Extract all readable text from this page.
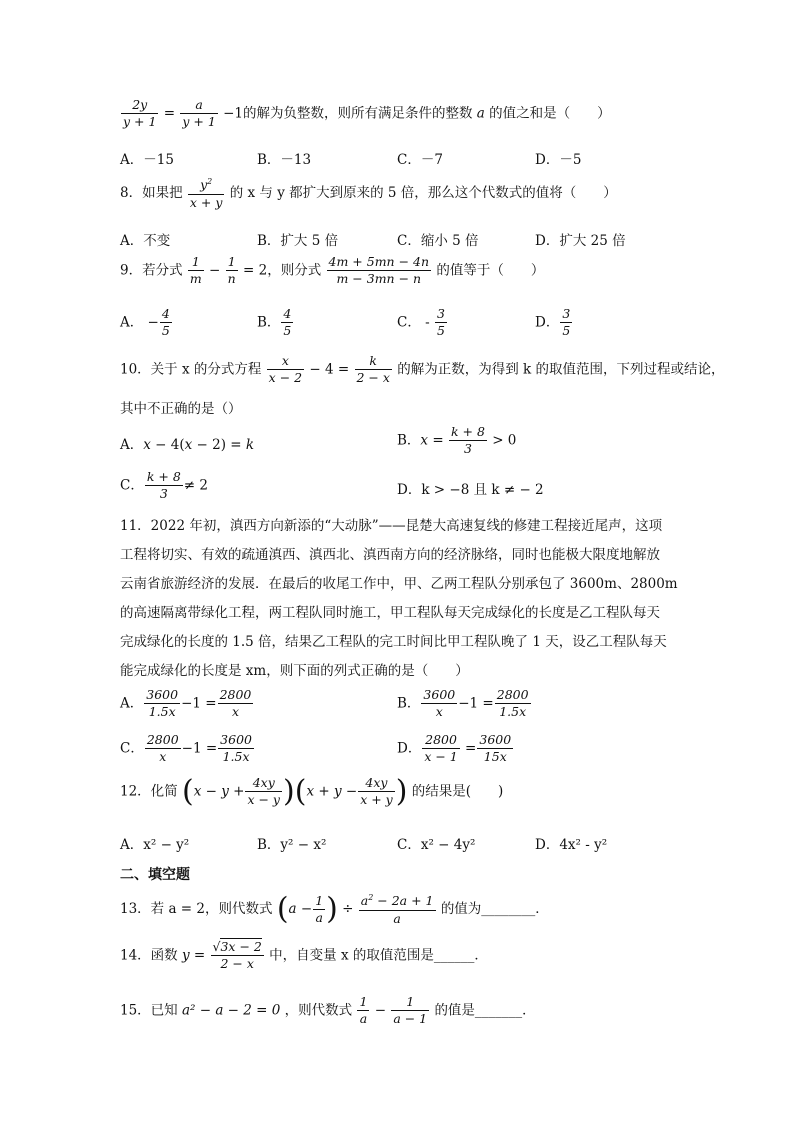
$\frac{2y}{y + 1} = \frac{a}{y + 1} -1$的解为负整数，则所有满足条件的整数 a 的值之和是（　　）
A．－15	B．－13	C．－7	D．－5
8．如果把 $\frac{y^2}{x + y}$ 的 x 与 y 都扩大到原来的 5 倍，那么这个代数式的值将（　　）
A．不变	B．扩大 5 倍	C．缩小 5 倍	D．扩大 25 倍
9．若分式 $\frac{1}{m} - \frac{1}{n} = 2$，则分式 $\frac{4m + 5mn - 4n}{m - 3mn - n}$ 的值等于（　　）
A． − $\frac{4}{5}$	B． $\frac{4}{5}$	C． - $\frac{3}{5}$	D． $\frac{3}{5}$
10．关于 x 的分式方程 $\frac{x}{x - 2} - 4 = \frac{k}{2 - x}$ 的解为正数，为得到 k 的取值范围，下列过程或结论，
其中不正确的是（）
A．x − 4(x − 2) = k	B．$x = \frac{k + 8}{3} > 0$
C． $\frac{k + 8}{3} \ne 2$	D．k > −8 且 k ≠ − 2
11．2022 年初，滇西方向新添的“大动脉”——昆楚大高速复线的修建工程接近尾声，这项
工程将切实、有效的疏通滇西、滇西北、滇西南方向的经济脉络，同时也能极大限度地解放
云南省旅游经济的发展．在最后的收尾工作中，甲、乙两工程队分别承包了 3600m、2800m
的高速隔离带绿化工程，两工程队同时施工，甲工程队每天完成绿化的长度是乙工程队每天
完成绿化的长度的 1.5 倍，结果乙工程队的完工时间比甲工程队晚了 1 天，设乙工程队每天
能完成绿化的长度是 xm，则下面的列式正确的是（　　）
A． $\frac{3600}{1.5x} -1 = \frac{2800}{x}$	B． $\frac{3600}{x} -1 = \frac{2800}{1.5x}$
C． $\frac{2800}{x} -1 = \frac{3600}{1.5x}$	D． $\frac{2800}{x - 1} = \frac{3600}{15x}$
12．化简 $(x - y + \frac{4xy}{x - y} )(x + y - \frac{4xy}{x + y}$ ) 的结果是(　　)
A．x² − y²	B．y² − x²	C．x² − 4y²	D．4x² - y²
二、填空题
13．若 a = 2，则代数式 ($a - \frac{1}{a}$ ) ÷ $\frac{a^2 - 2a + 1}{a}$ 的值为________．
14．函数 $y = \frac{√3x - 2}{2 - x}$ 中，自变量 x 的取值范围是______．
15．已知 a² − a − 2 = 0 ，则代数式 $\frac{1}{a} - \frac{1}{a - 1}$ 的值是_______．
